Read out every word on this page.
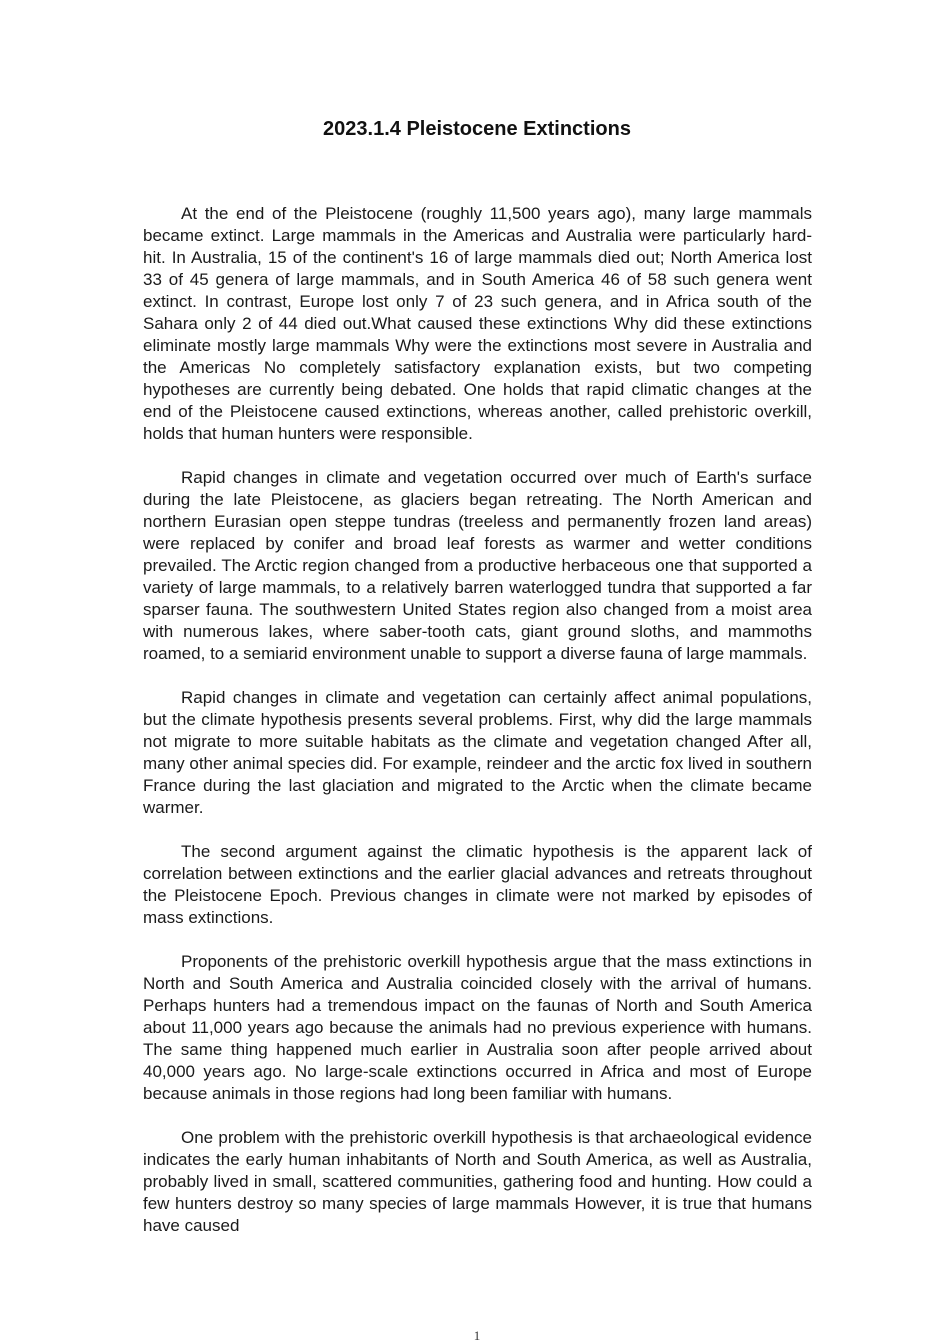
2023.1.4 Pleistocene Extinctions

At the end of the Pleistocene (roughly 11,500 years ago), many large mammals became extinct. Large mammals in the Americas and Australia were particularly hard- hit. In Australia, 15 of the continent's 16 of large mammals died out; North America lost 33 of 45 genera of large mammals, and in South America 46 of 58 such genera went extinct. In contrast, Europe lost only 7 of 23 such genera, and in Africa south of the Sahara only 2 of 44 died out.What caused these extinctions Why did these extinctions eliminate mostly large mammals Why were the extinctions most severe in Australia and the Americas No completely satisfactory explanation exists, but two competing hypotheses are currently being debated. One holds that rapid climatic changes at the end of the Pleistocene caused extinctions, whereas another, called prehistoric overkill, holds that human hunters were responsible.

Rapid changes in climate and vegetation occurred over much of Earth's surface during the late Pleistocene, as glaciers began retreating. The North American and northern Eurasian open steppe tundras (treeless and permanently frozen land areas) were replaced by conifer and broad leaf forests as warmer and wetter conditions prevailed. The Arctic region changed from a productive herbaceous one that supported a variety of large mammals, to a relatively barren waterlogged tundra that supported a far sparser fauna. The southwestern United States region also changed from a moist area with numerous lakes, where saber-tooth cats, giant ground sloths, and mammoths roamed, to a semiarid environment unable to support a diverse fauna of large mammals.

Rapid changes in climate and vegetation can certainly affect animal populations, but the climate hypothesis presents several problems. First, why did the large mammals not migrate to more suitable habitats as the climate and vegetation changed After all, many other animal species did. For example, reindeer and the arctic fox lived in southern France during the last glaciation and migrated to the Arctic when the climate became warmer.

The second argument against the climatic hypothesis is the apparent lack of correlation between extinctions and the earlier glacial advances and retreats throughout the Pleistocene Epoch. Previous changes in climate were not marked by episodes of mass extinctions.

Proponents of the prehistoric overkill hypothesis argue that the mass extinctions in North and South America and Australia coincided closely with the arrival of humans. Perhaps hunters had a tremendous impact on the faunas of North and South America about 11,000 years ago because the animals had no previous experience with humans. The same thing happened much earlier in Australia soon after people arrived about 40,000 years ago. No large-scale extinctions occurred in Africa and most of Europe because animals in those regions had long been familiar with humans.

One problem with the prehistoric overkill hypothesis is that archaeological evidence indicates the early human inhabitants of North and South America, as well as Australia, probably lived in small, scattered communities, gathering food and hunting. How could a few hunters destroy so many species of large mammals However, it is true that humans have caused

1
